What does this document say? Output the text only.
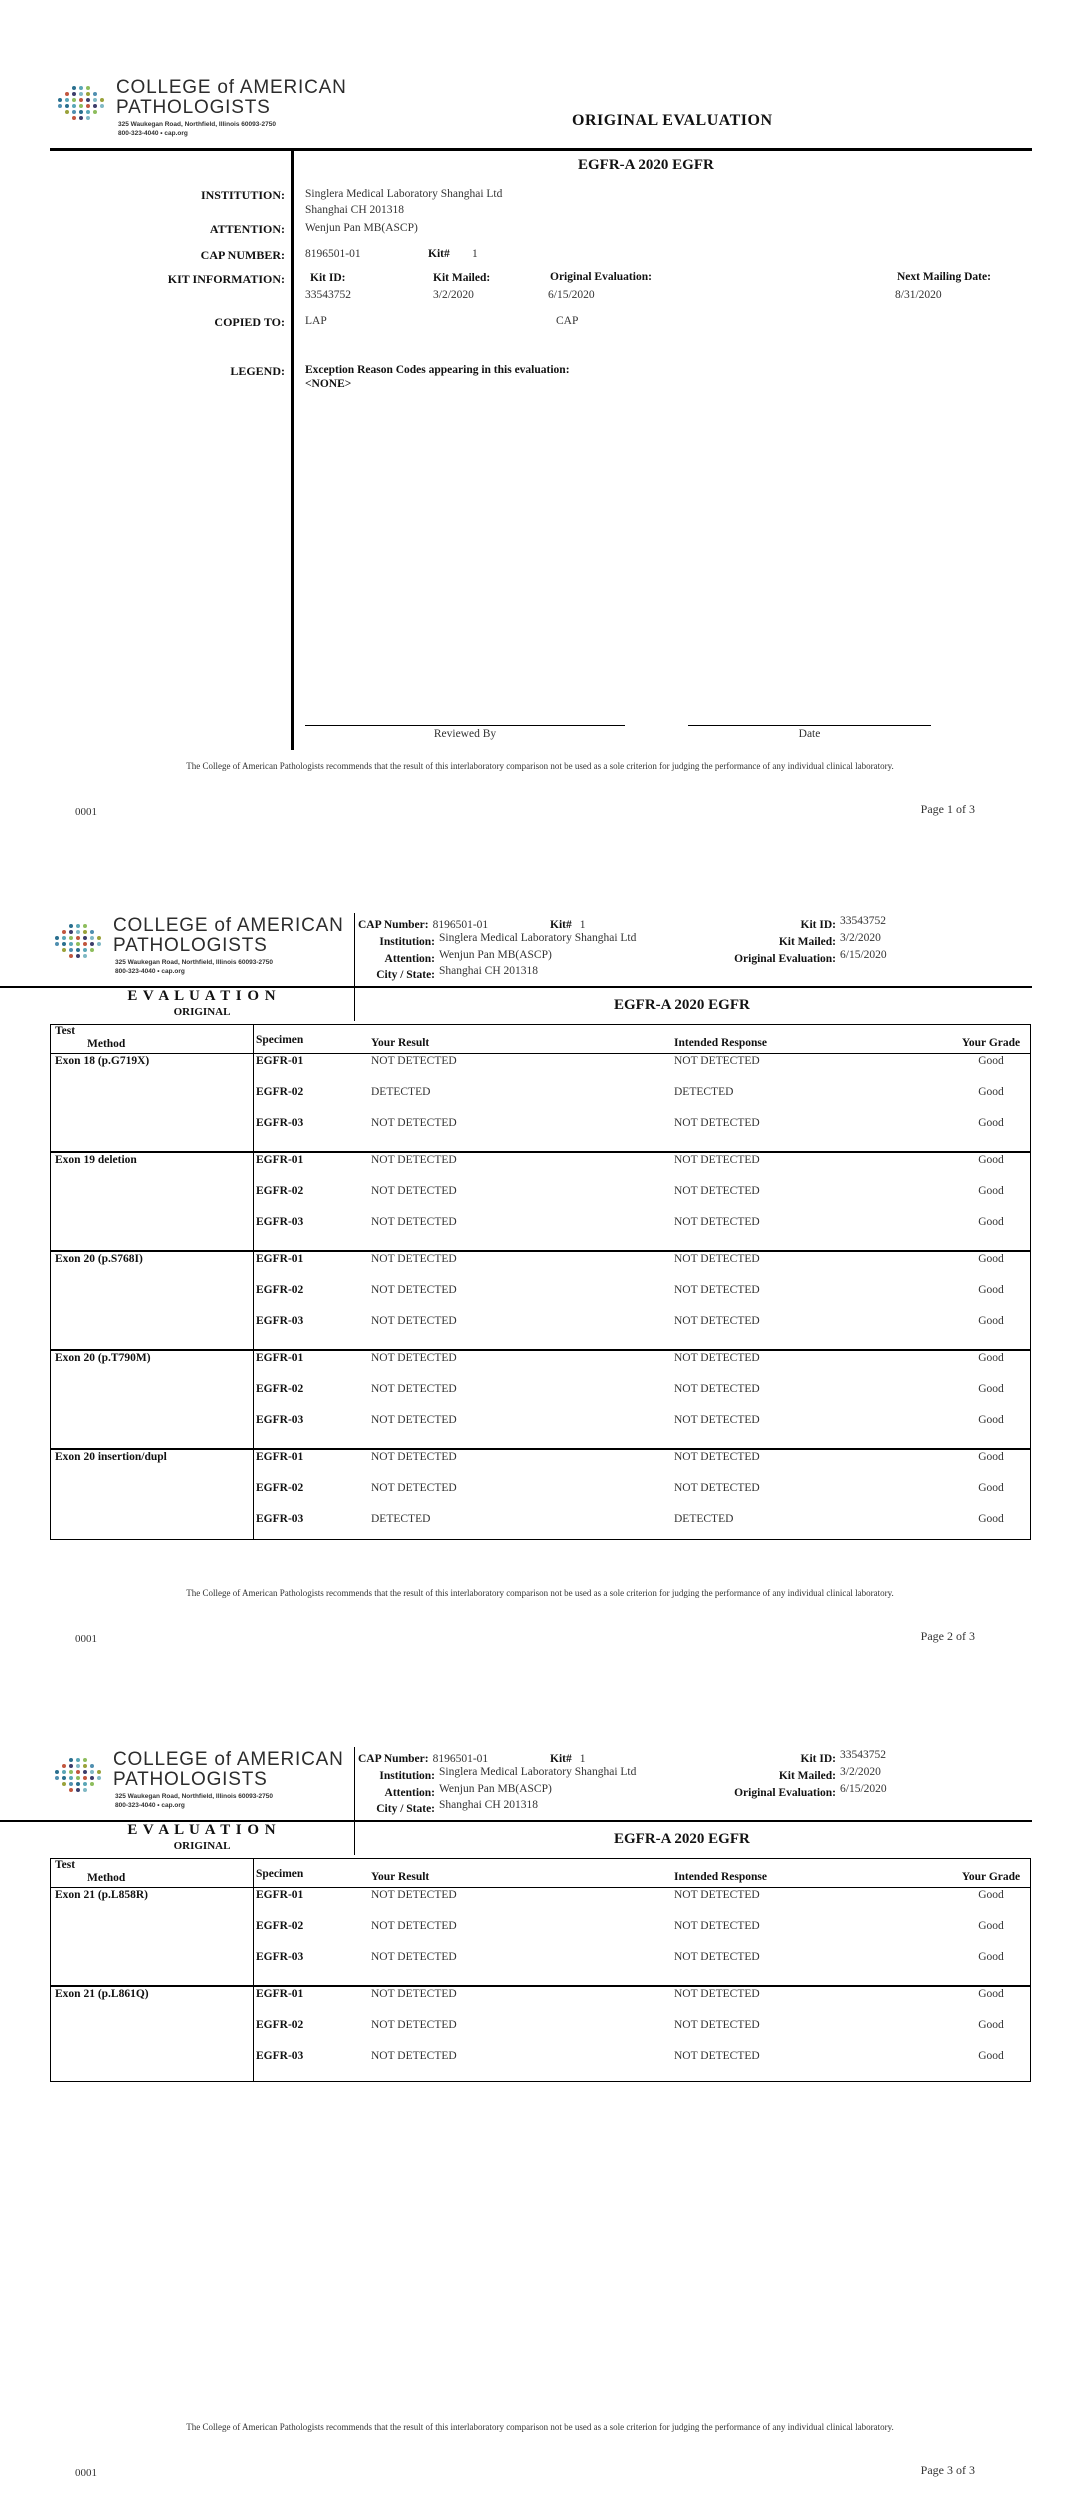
COLLEGE of AMERICAN
PATHOLOGISTS
325 Waukegan Road, Northfield, Illinois 60093-2750
800-323-4040 • cap.org
ORIGINAL EVALUATION
EGFR-A 2020 EGFR
INSTITUTION: Singlera Medical Laboratory Shanghai Ltd
Shanghai CH 201318
ATTENTION: Wenjun Pan MB(ASCP)
CAP NUMBER: 8196501-01	Kit# 1
KIT INFORMATION: Kit ID:
33543752
Kit Mailed:
3/2/2020
Original Evaluation:
6/15/2020
Next Mailing Date:
8/31/2020
COPIED TO: LAP	CAP
LEGEND: Exception Reason Codes appearing in this evaluation:
<NONE>
Reviewed By	Date
The College of American Pathologists recommends that the result of this interlaboratory comparison not be used as a sole criterion for judging the performance of any individual clinical laboratory.
0001	Page 1 of 3
COLLEGE of AMERICAN
PATHOLOGISTS
325 Waukegan Road, Northfield, Illinois 60093-2750
800-323-4040 • cap.org
CAP Number: 8196501-01	Kit# 1
Institution: Singlera Medical Laboratory Shanghai Ltd
Attention: Wenjun Pan MB(ASCP)
City / State: Shanghai CH 201318
Kit ID: 33543752
Kit Mailed: 3/2/2020
Original Evaluation: 6/15/2020
E V A L U A T I O N
ORIGINAL	EGFR-A 2020 EGFR
Test
Method	Specimen	Your Result	Intended Response	Your Grade
Exon 18 (p.G719X)	EGFR-01	NOT DETECTED	NOT DETECTED	Good
EGFR-02	DETECTED	DETECTED	Good
EGFR-03	NOT DETECTED	NOT DETECTED	Good
Exon 19 deletion	EGFR-01	NOT DETECTED	NOT DETECTED	Good
EGFR-02	NOT DETECTED	NOT DETECTED	Good
EGFR-03	NOT DETECTED	NOT DETECTED	Good
Exon 20 (p.S768I)	EGFR-01	NOT DETECTED	NOT DETECTED	Good
EGFR-02	NOT DETECTED	NOT DETECTED	Good
EGFR-03	NOT DETECTED	NOT DETECTED	Good
Exon 20 (p.T790M)	EGFR-01	NOT DETECTED	NOT DETECTED	Good
EGFR-02	NOT DETECTED	NOT DETECTED	Good
EGFR-03	NOT DETECTED	NOT DETECTED	Good
Exon 20 insertion/dupl	EGFR-01	NOT DETECTED	NOT DETECTED	Good
EGFR-02	NOT DETECTED	NOT DETECTED	Good
EGFR-03	DETECTED	DETECTED	Good
The College of American Pathologists recommends that the result of this interlaboratory comparison not be used as a sole criterion for judging the performance of any individual clinical laboratory.
0001	Page 2 of 3
COLLEGE of AMERICAN
PATHOLOGISTS
325 Waukegan Road, Northfield, Illinois 60093-2750
800-323-4040 • cap.org
CAP Number: 8196501-01	Kit# 1
Institution: Singlera Medical Laboratory Shanghai Ltd
Attention: Wenjun Pan MB(ASCP)
City / State: Shanghai CH 201318
Kit ID: 33543752
Kit Mailed: 3/2/2020
Original Evaluation: 6/15/2020
E V A L U A T I O N
ORIGINAL	EGFR-A 2020 EGFR
Test
Method	Specimen	Your Result	Intended Response	Your Grade
Exon 21 (p.L858R)	EGFR-01	NOT DETECTED	NOT DETECTED	Good
EGFR-02	NOT DETECTED	NOT DETECTED	Good
EGFR-03	NOT DETECTED	NOT DETECTED	Good
Exon 21 (p.L861Q)	EGFR-01	NOT DETECTED	NOT DETECTED	Good
EGFR-02	NOT DETECTED	NOT DETECTED	Good
EGFR-03	NOT DETECTED	NOT DETECTED	Good
The College of American Pathologists recommends that the result of this interlaboratory comparison not be used as a sole criterion for judging the performance of any individual clinical laboratory.
0001	Page 3 of 3
